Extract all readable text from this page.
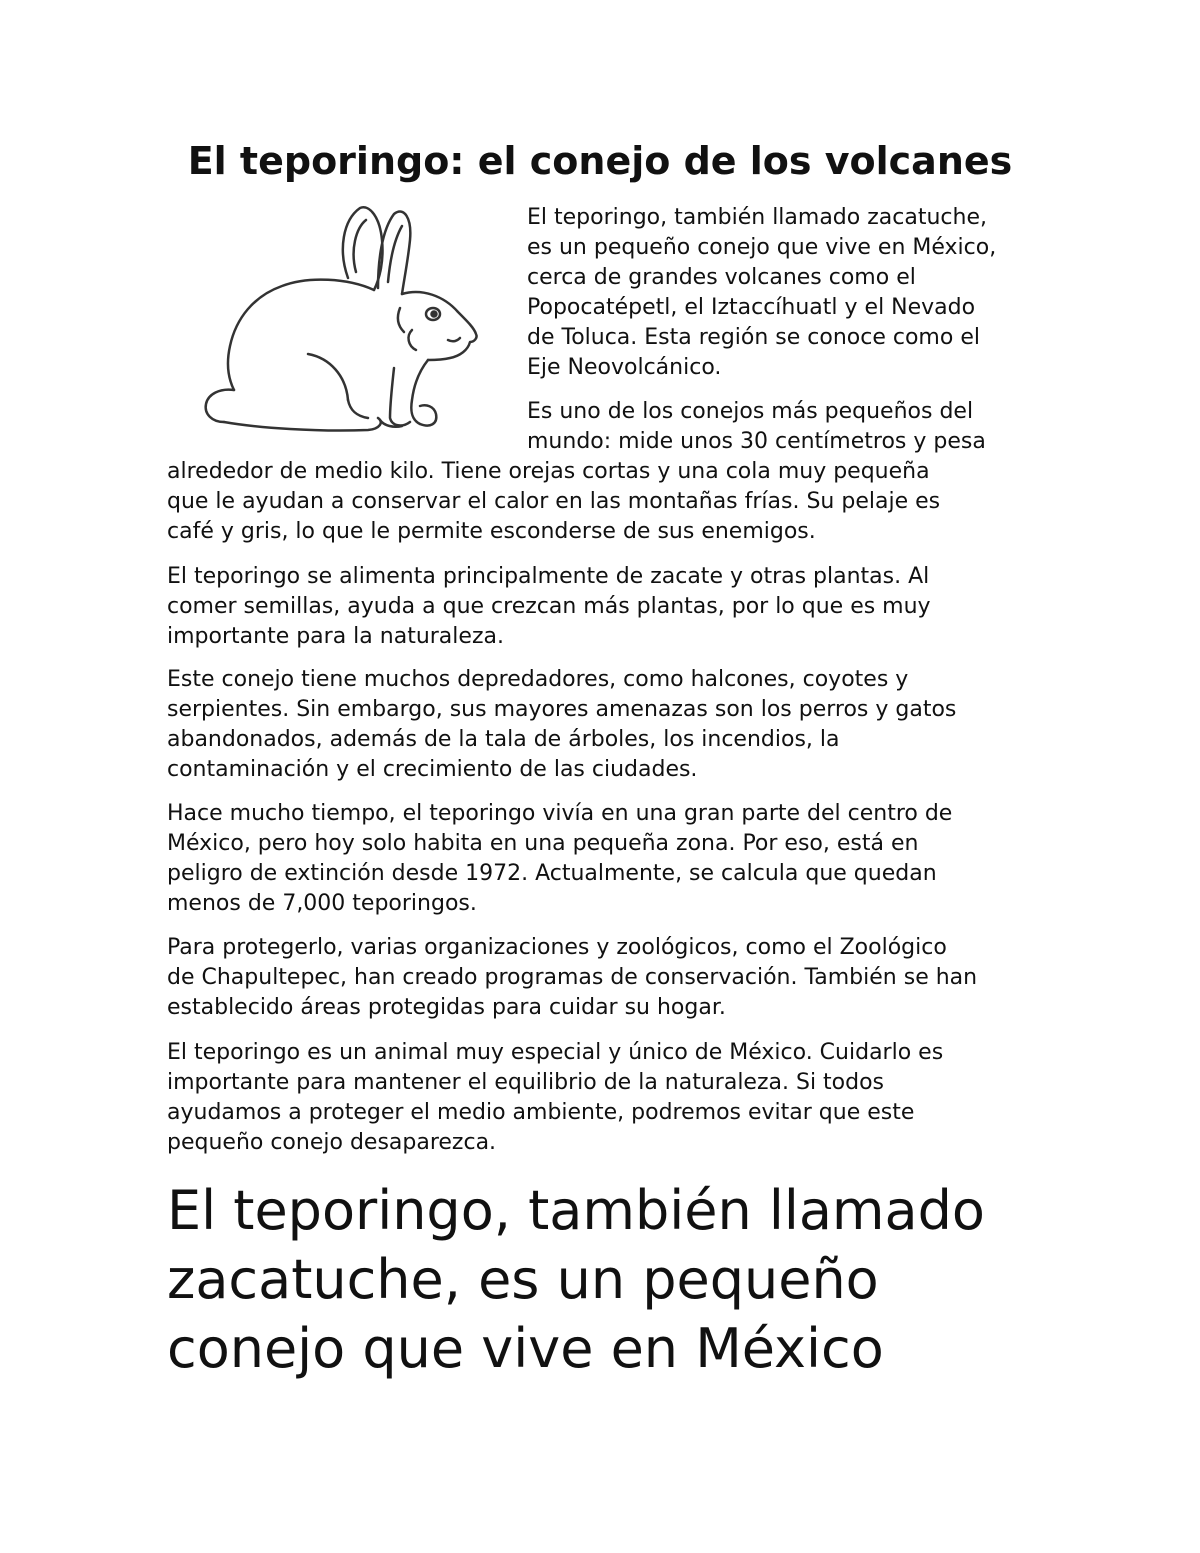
El teporingo: el conejo de los volcanes
El teporingo, también llamado zacatuche,
es un pequeño conejo que vive en México,
cerca de grandes volcanes como el
Popocatépetl, el Iztaccíhuatl y el Nevado
de Toluca. Esta región se conoce como el
Eje Neovolcánico.
Es uno de los conejos más pequeños del
mundo: mide unos 30 centímetros y pesa
alrededor de medio kilo. Tiene orejas cortas y una cola muy pequeña
que le ayudan a conservar el calor en las montañas frías. Su pelaje es
café y gris, lo que le permite esconderse de sus enemigos.
El teporingo se alimenta principalmente de zacate y otras plantas. Al
comer semillas, ayuda a que crezcan más plantas, por lo que es muy
importante para la naturaleza.
Este conejo tiene muchos depredadores, como halcones, coyotes y
serpientes. Sin embargo, sus mayores amenazas son los perros y gatos
abandonados, además de la tala de árboles, los incendios, la
contaminación y el crecimiento de las ciudades.
Hace mucho tiempo, el teporingo vivía en una gran parte del centro de
México, pero hoy solo habita en una pequeña zona. Por eso, está en
peligro de extinción desde 1972. Actualmente, se calcula que quedan
menos de 7,000 teporingos.
Para protegerlo, varias organizaciones y zoológicos, como el Zoológico
de Chapultepec, han creado programas de conservación. También se han
establecido áreas protegidas para cuidar su hogar.
El teporingo es un animal muy especial y único de México. Cuidarlo es
importante para mantener el equilibrio de la naturaleza. Si todos
ayudamos a proteger el medio ambiente, podremos evitar que este
pequeño conejo desaparezca.
El teporingo, también llamado
zacatuche, es un pequeño
conejo que vive en México
